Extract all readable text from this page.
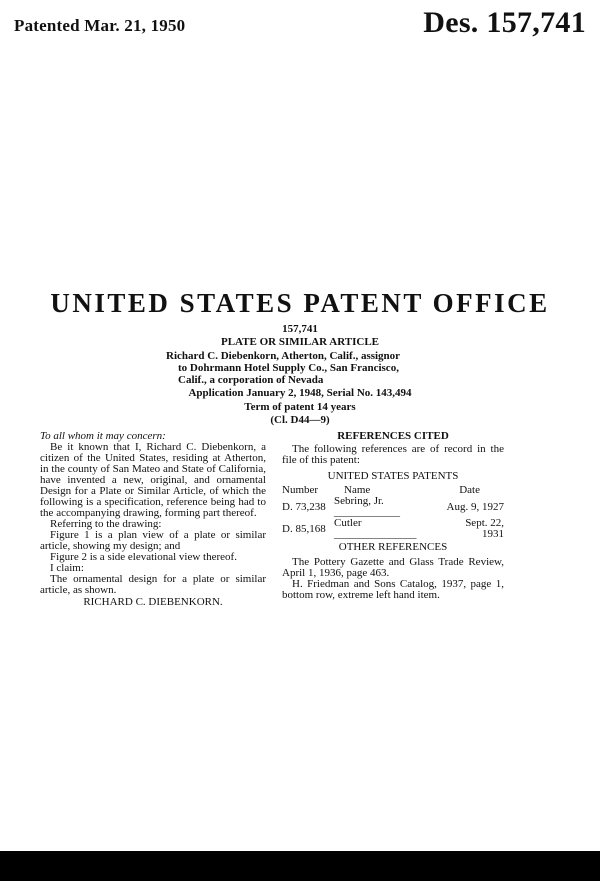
Patented Mar. 21, 1950	Des. 157,741
UNITED STATES PATENT OFFICE
157,741
PLATE OR SIMILAR ARTICLE
Richard C. Diebenkorn, Atherton, Calif., assignor
to Dohrmann Hotel Supply Co., San Francisco,
Calif., a corporation of Nevada
Application January 2, 1948, Serial No. 143,494
Term of patent 14 years
(Cl. D44—9)

To all whom it may concern:

Be it known that I, Richard C. Diebenkorn, a citizen of the United States, residing at Atherton, in the county of San Mateo and State of California, have invented a new, original, and ornamental Design for a Plate or Similar Article, of which the following is a specification, reference being had to the accompanying drawing, forming part thereof.

Referring to the drawing:

Figure 1 is a plan view of a plate or similar article, showing my design; and

Figure 2 is a side elevational view thereof.

I claim:

The ornamental design for a plate or similar article, as shown.

RICHARD C. DIEBENKORN.

REFERENCES CITED

The following references are of record in the file of this patent:

UNITED STATES PATENTS
Number	Name	Date
D. 73,238	Sebring, Jr. ____________	Aug. 9, 1927
D. 85,168	Cutler _______________	Sept. 22, 1931
OTHER REFERENCES

The Pottery Gazette and Glass Trade Review, April 1, 1936, page 463.

H. Friedman and Sons Catalog, 1937, page 1, bottom row, extreme left hand item.
